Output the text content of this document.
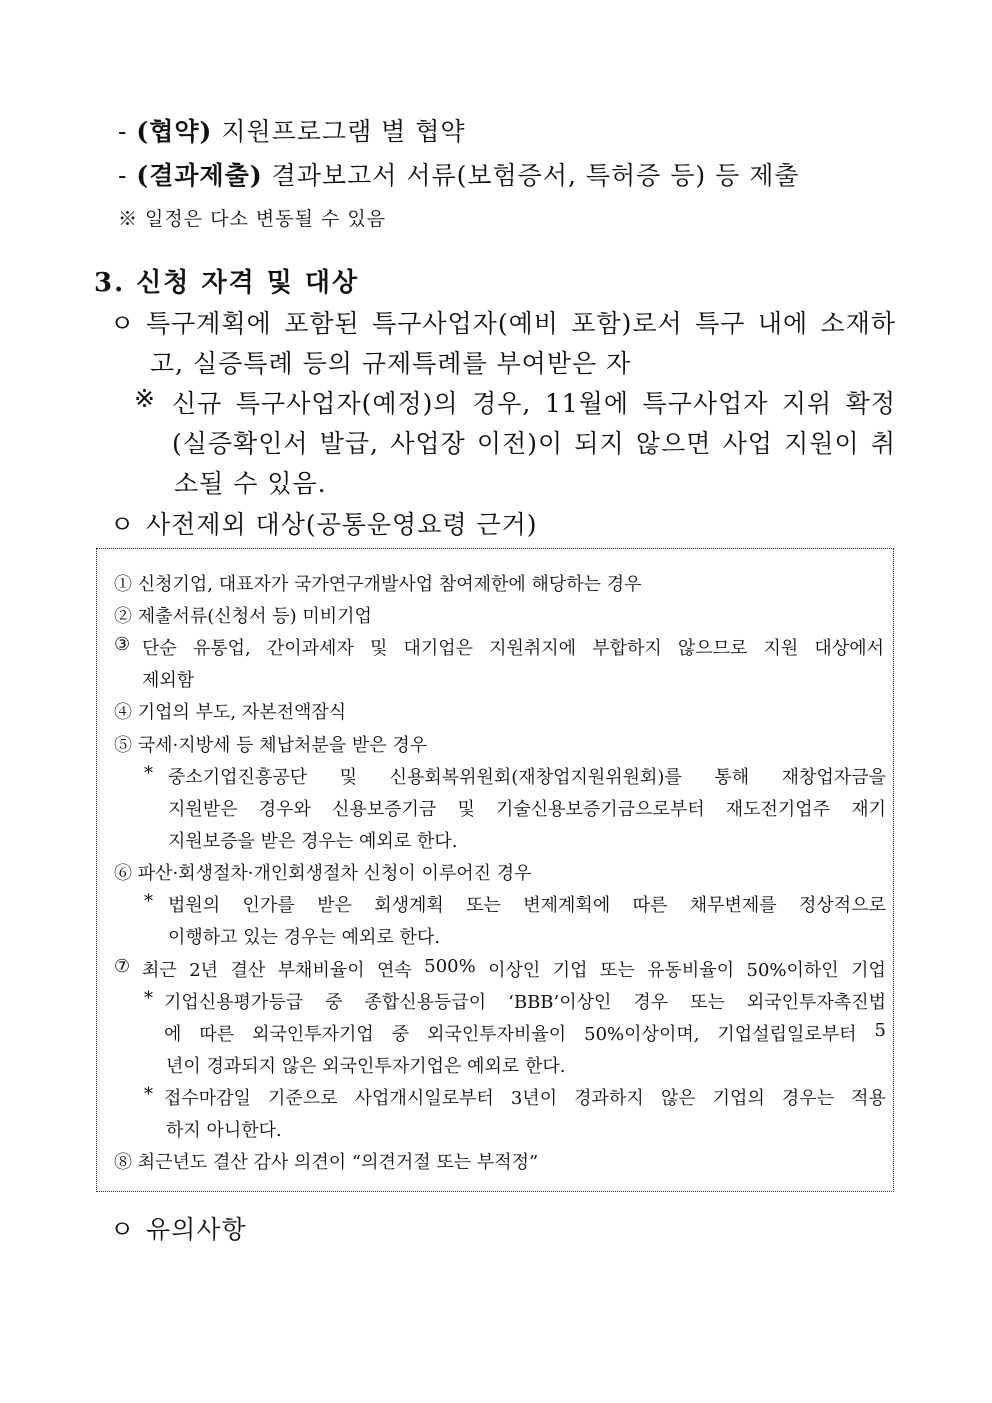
- (협약) 지원프로그램 별 협약
- (결과제출) 결과보고서 서류(보험증서, 특허증 등) 등 제출
※ 일정은 다소 변동될 수 있음
3. 신청 자격 및 대상
ㅇ 특구계획에 포함된 특구사업자(예비 포함)로서 특구 내에 소재하
고, 실증특례 등의 규제특례를 부여받은 자
※ 신규 특구사업자(예정)의 경우, 11월에 특구사업자 지위 확정
(실증확인서 발급, 사업장 이전)이 되지 않으면 사업 지원이 취
소될 수 있음.
ㅇ 사전제외 대상(공통운영요령 근거)
① 신청기업, 대표자가 국가연구개발사업 참여제한에 해당하는 경우
② 제출서류(신청서 등) 미비기업
③ 단순 유통업, 간이과세자 및 대기업은 지원취지에 부합하지 않으므로 지원 대상에서
제외함
④ 기업의 부도, 자본전액잠식
⑤ 국세·지방세 등 체납처분을 받은 경우
* 중소기업진흥공단 및 신용회복위원회(재창업지원위원회)를 통해 재창업자금을
지원받은 경우와 신용보증기금 및 기술신용보증기금으로부터 재도전기업주 재기
지원보증을 받은 경우는 예외로 한다.
⑥ 파산·회생절차·개인회생절차 신청이 이루어진 경우
* 법원의 인가를 받은 회생계획 또는 변제계획에 따른 채무변제를 정상적으로
이행하고 있는 경우는 예외로 한다.
⑦ 최근 2년 결산 부채비율이 연속 500% 이상인 기업 또는 유동비율이 50%이하인 기업
* 기업신용평가등급 중 종합신용등급이 ‘BBB’이상인 경우 또는 외국인투자촉진법
에 따른 외국인투자기업 중 외국인투자비율이 50%이상이며, 기업설립일로부터 5
년이 경과되지 않은 외국인투자기업은 예외로 한다.
* 접수마감일 기준으로 사업개시일로부터 3년이 경과하지 않은 기업의 경우는 적용
하지 아니한다.
⑧ 최근년도 결산 감사 의견이 “의견거절 또는 부적정”
ㅇ 유의사항
